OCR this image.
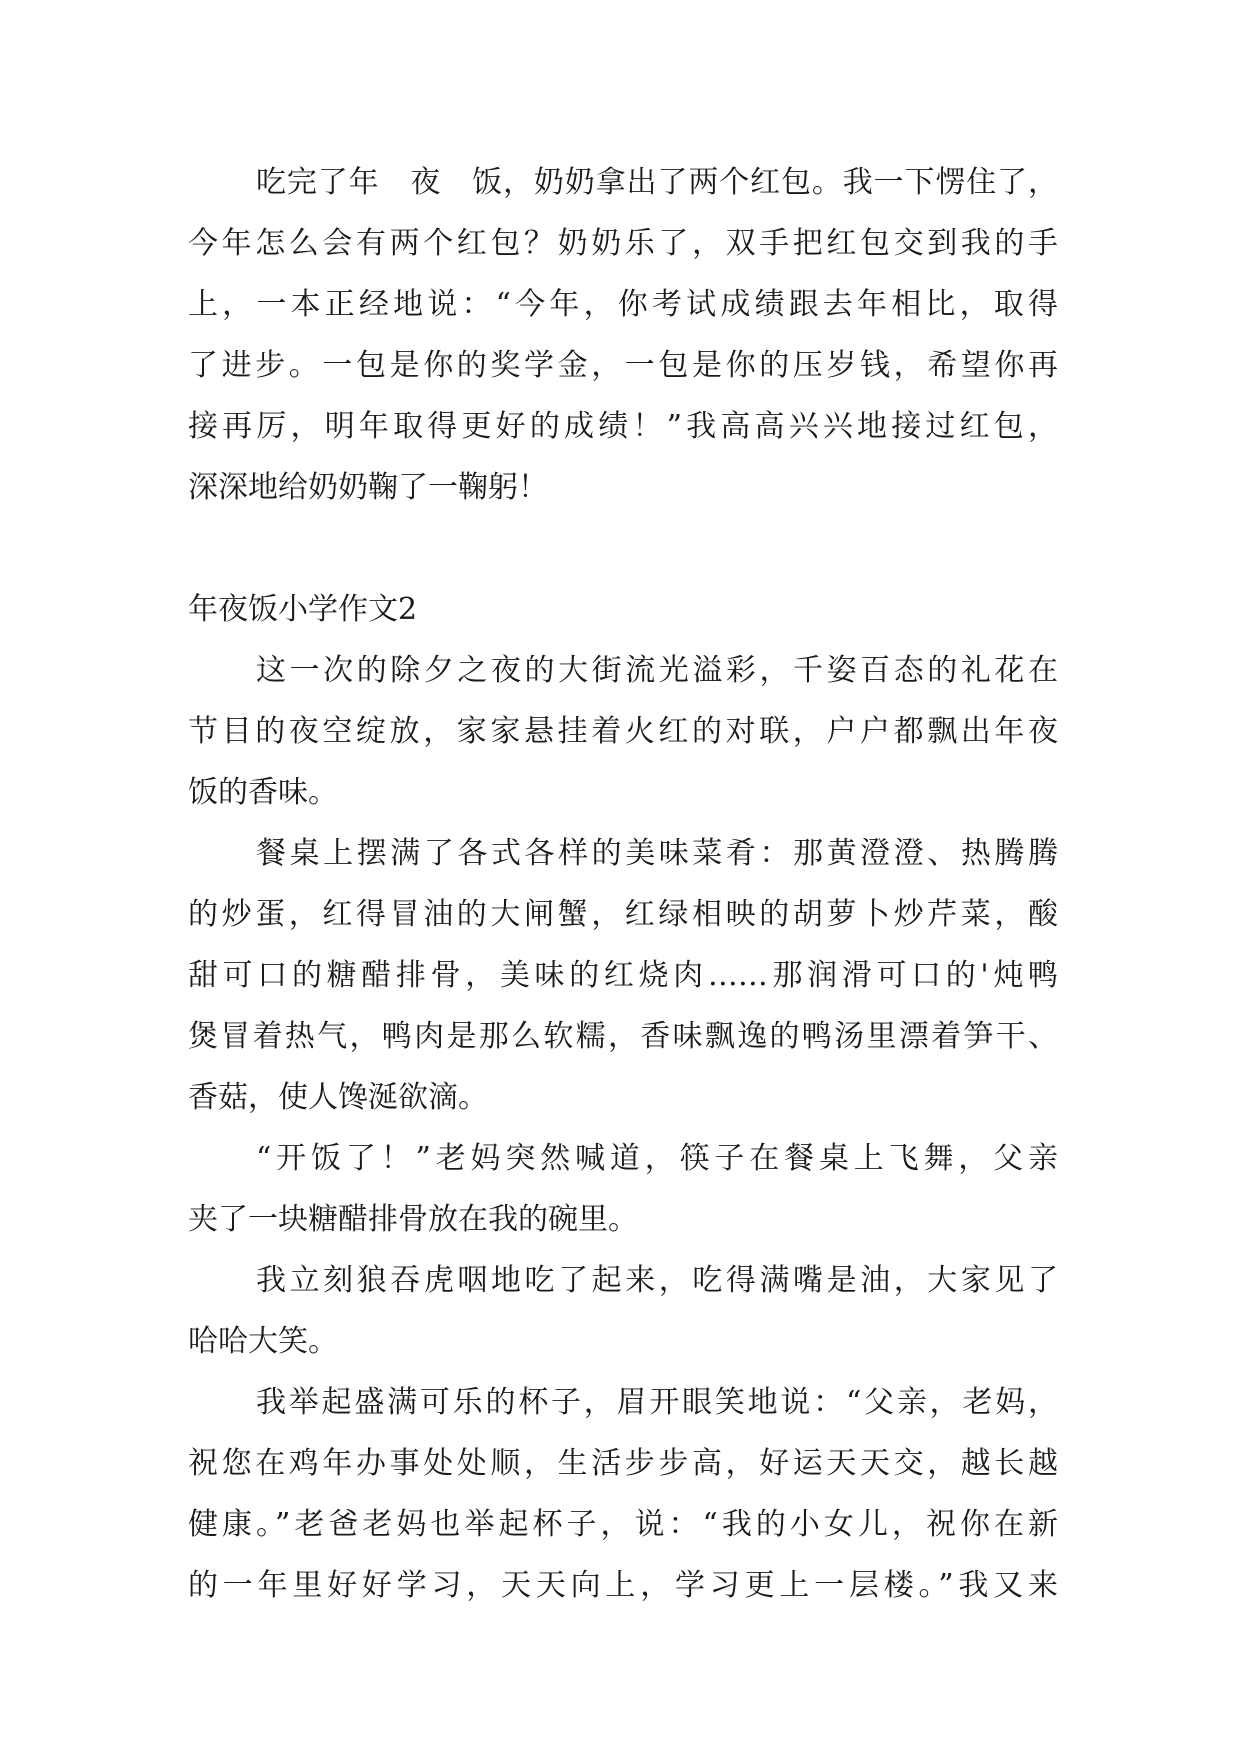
吃完了年　夜　饭，奶奶拿出了两个红包。我一下愣住了，
今年怎么会有两个红包？奶奶乐了，双手把红包交到我的手
上，一本正经地说：“今年，你考试成绩跟去年相比，取得
了进步。一包是你的奖学金，一包是你的压岁钱，希望你再
接再厉，明年取得更好的成绩！”我高高兴兴地接过红包，
深深地给奶奶鞠了一鞠躬！
年夜饭小学作文2
这一次的除夕之夜的大街流光溢彩，千姿百态的礼花在
节目的夜空绽放，家家悬挂着火红的对联，户户都飘出年夜
饭的香味。
餐桌上摆满了各式各样的美味菜肴：那黄澄澄、热腾腾
的炒蛋，红得冒油的大闸蟹，红绿相映的胡萝卜炒芹菜，酸
甜可口的糖醋排骨，美味的红烧肉……那润滑可口的'炖鸭
煲冒着热气，鸭肉是那么软糯，香味飘逸的鸭汤里漂着笋干、
香菇，使人馋涎欲滴。
“开饭了！”老妈突然喊道，筷子在餐桌上飞舞，父亲
夹了一块糖醋排骨放在我的碗里。
我立刻狼吞虎咽地吃了起来，吃得满嘴是油，大家见了
哈哈大笑。
我举起盛满可乐的杯子，眉开眼笑地说：“父亲，老妈，
祝您在鸡年办事处处顺，生活步步高，好运天天交，越长越
健康。”老爸老妈也举起杯子，说：“我的小女儿，祝你在新
的一年里好好学习，天天向上，学习更上一层楼。”我又来
